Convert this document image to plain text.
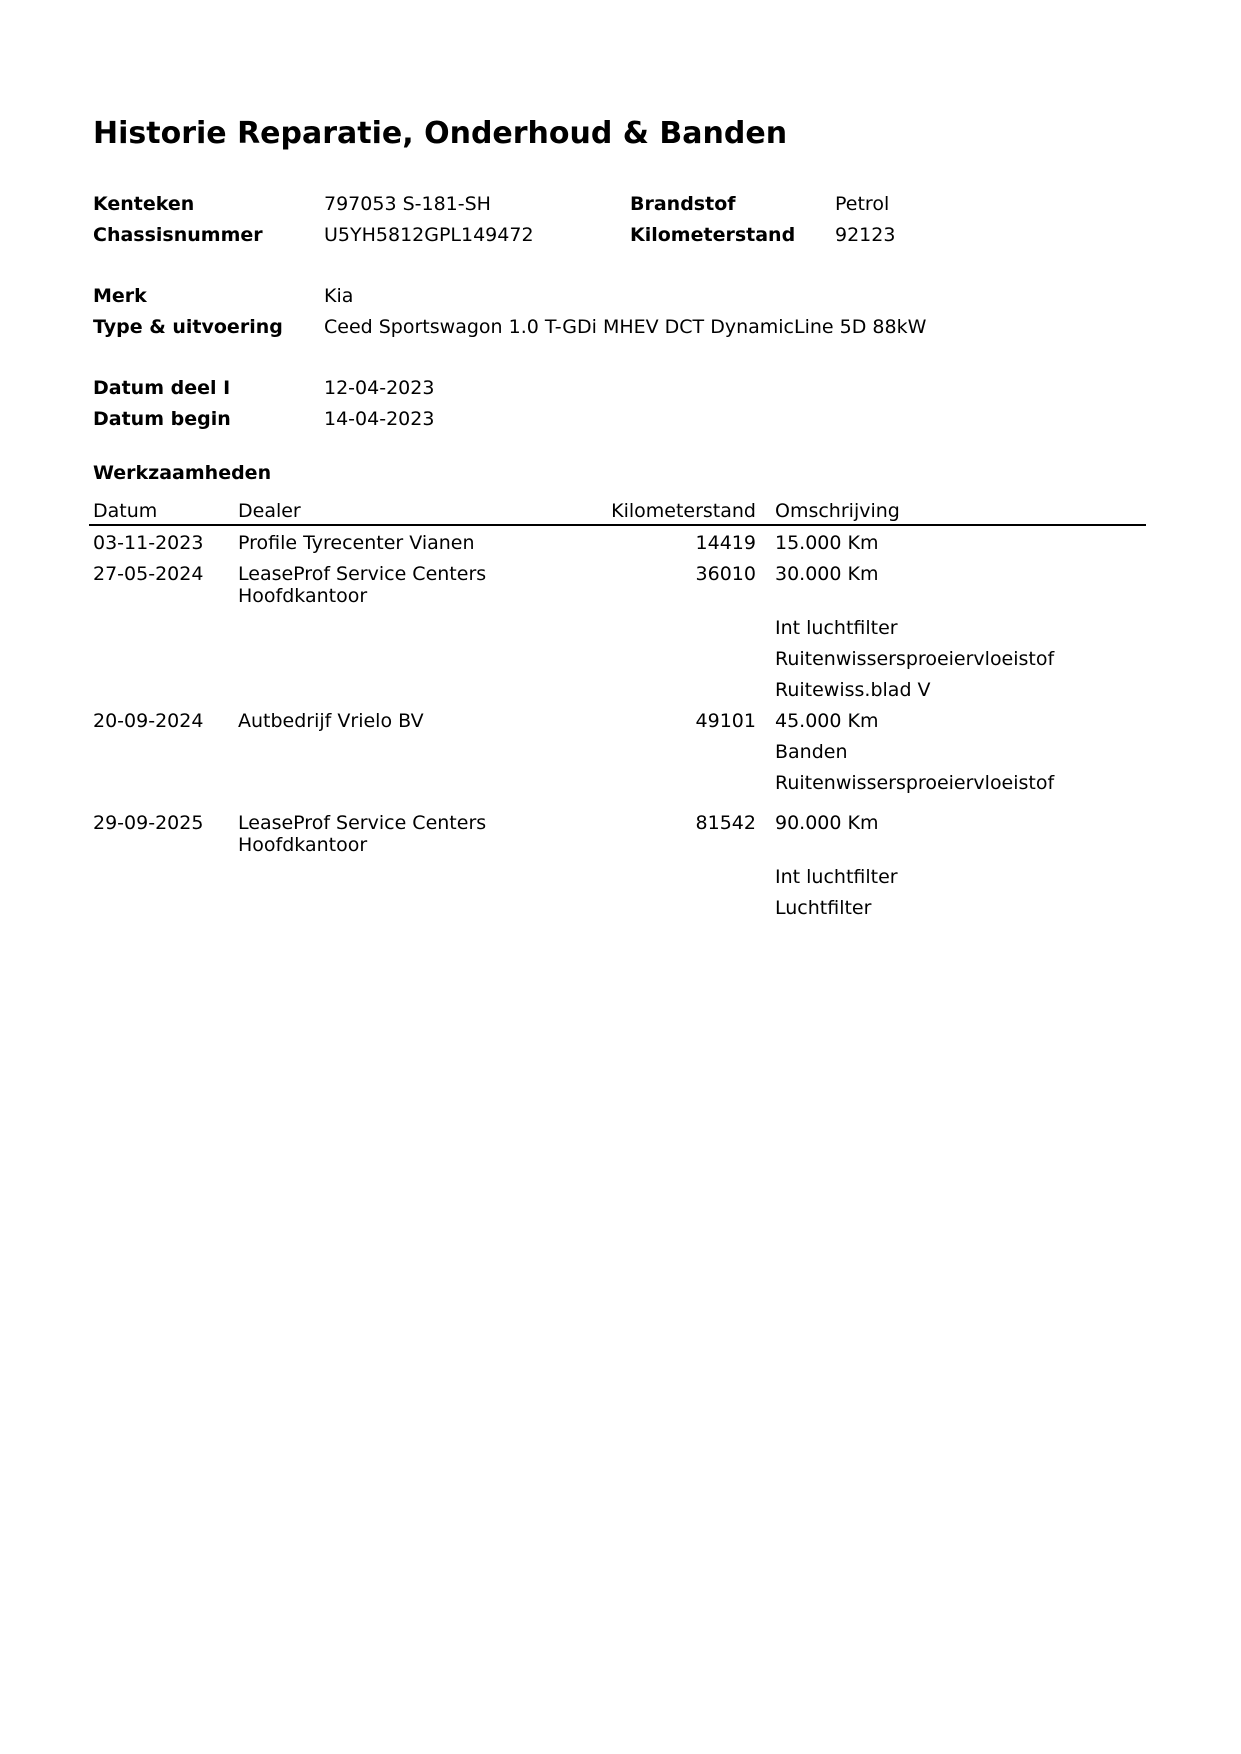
Historie Reparatie, Onderhoud & Banden
Kenteken	797053 S-181-SH	Brandstof	Petrol
Chassisnummer	U5YH5812GPL149472	Kilometerstand 92123
Merk	Kia
Type & uitvoering Ceed Sportswagon 1.0 T-GDi MHEV DCT DynamicLine 5D 88kW
Datum deel I	12-04-2023
Datum begin	14-04-2023
Werkzaamheden
Datum	Dealer	Kilometerstand Omschrijving
03-11-2023 Profile Tyrecenter Vianen	14419 15.000 Km
27-05-2024 LeaseProf Service Centers
Hoofdkantoor
36010 30.000 Km
Int luchtfilter
Ruitenwissersproeiervloeistof
Ruitewiss.blad V
20-09-2024 Autbedrijf Vrielo BV	49101 45.000 Km
Banden
Ruitenwissersproeiervloeistof
29-09-2025 LeaseProf Service Centers
Hoofdkantoor
81542 90.000 Km
Int luchtfilter
Luchtfilter
